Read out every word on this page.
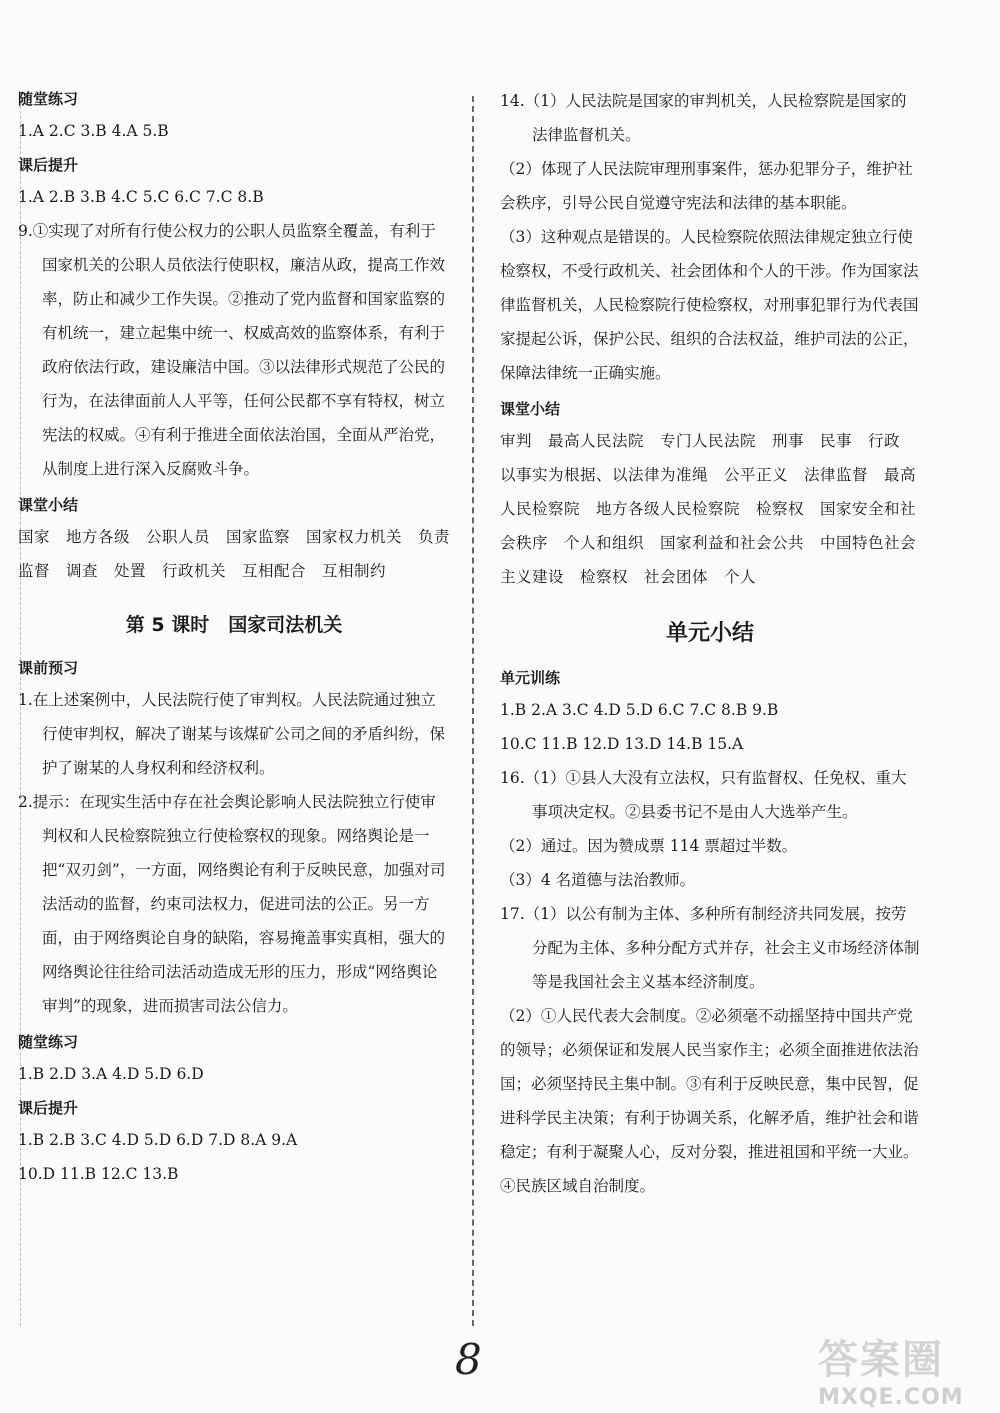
随堂练习

1.A 2.C 3.B 4.A 5.B

课后提升

1.A 2.B 3.B 4.C 5.C 6.C 7.C 8.B

9.①实现了对所有行使公权力的公职人员监察全覆盖，有利于国家机关的公职人员依法行使职权，廉洁从政，提高工作效率，防止和减少工作失误。②推动了党内监督和国家监察的有机统一，建立起集中统一、权威高效的监察体系，有利于政府依法行政，建设廉洁中国。③以法律形式规范了公民的行为，在法律面前人人平等，任何公民都不享有特权，树立宪法的权威。④有利于推进全面依法治国，全面从严治党，从制度上进行深入反腐败斗争。

课堂小结

国家　地方各级　公职人员　国家监察　国家权力机关　负责　监督　调查　处置　行政机关　互相配合　互相制约

第 5 课时　国家司法机关

课前预习

1.在上述案例中，人民法院行使了审判权。人民法院通过独立行使审判权，解决了谢某与该煤矿公司之间的矛盾纠纷，保护了谢某的人身权利和经济权利。

2.提示：在现实生活中存在社会舆论影响人民法院独立行使审判权和人民检察院独立行使检察权的现象。网络舆论是一把“双刃剑”，一方面，网络舆论有利于反映民意，加强对司法活动的监督，约束司法权力，促进司法的公正。另一方面，由于网络舆论自身的缺陷，容易掩盖事实真相，强大的网络舆论往往给司法活动造成无形的压力，形成“网络舆论审判”的现象，进而损害司法公信力。

随堂练习

1.B 2.D 3.A 4.D 5.D 6.D

课后提升

1.B 2.B 3.C 4.D 5.D 6.D 7.D 8.A 9.A

10.D 11.B 12.C 13.B

14.（1）人民法院是国家的审判机关，人民检察院是国家的法律监督机关。

（2）体现了人民法院审理刑事案件，惩办犯罪分子，维护社会秩序，引导公民自觉遵守宪法和法律的基本职能。

（3）这种观点是错误的。人民检察院依照法律规定独立行使检察权，不受行政机关、社会团体和个人的干涉。作为国家法律监督机关，人民检察院行使检察权，对刑事犯罪行为代表国家提起公诉，保护公民、组织的合法权益，维护司法的公正，保障法律统一正确实施。

课堂小结

审判　最高人民法院　专门人民法院　刑事　民事　行政　以事实为根据、以法律为准绳　公平正义　法律监督　最高人民检察院　地方各级人民检察院　检察权　国家安全和社会秩序　个人和组织　国家利益和社会公共　中国特色社会主义建设　检察权　社会团体　个人

单元小结

单元训练

1.B 2.A 3.C 4.D 5.D 6.C 7.C 8.B 9.B

10.C 11.B 12.D 13.D 14.B 15.A

16.（1）①县人大没有立法权，只有监督权、任免权、重大事项决定权。②县委书记不是由人大选举产生。

（2）通过。因为赞成票 114 票超过半数。

（3）4 名道德与法治教师。

17.（1）以公有制为主体、多种所有制经济共同发展，按劳分配为主体、多种分配方式并存，社会主义市场经济体制等是我国社会主义基本经济制度。

（2）①人民代表大会制度。②必须毫不动摇坚持中国共产党的领导；必须保证和发展人民当家作主；必须全面推进依法治国；必须坚持民主集中制。③有利于反映民意，集中民智，促进科学民主决策；有利于协调关系，化解矛盾，维护社会和谐稳定；有利于凝聚人心，反对分裂，推进祖国和平统一大业。④民族区域自治制度。

8	答案圈
MXQE.COM
